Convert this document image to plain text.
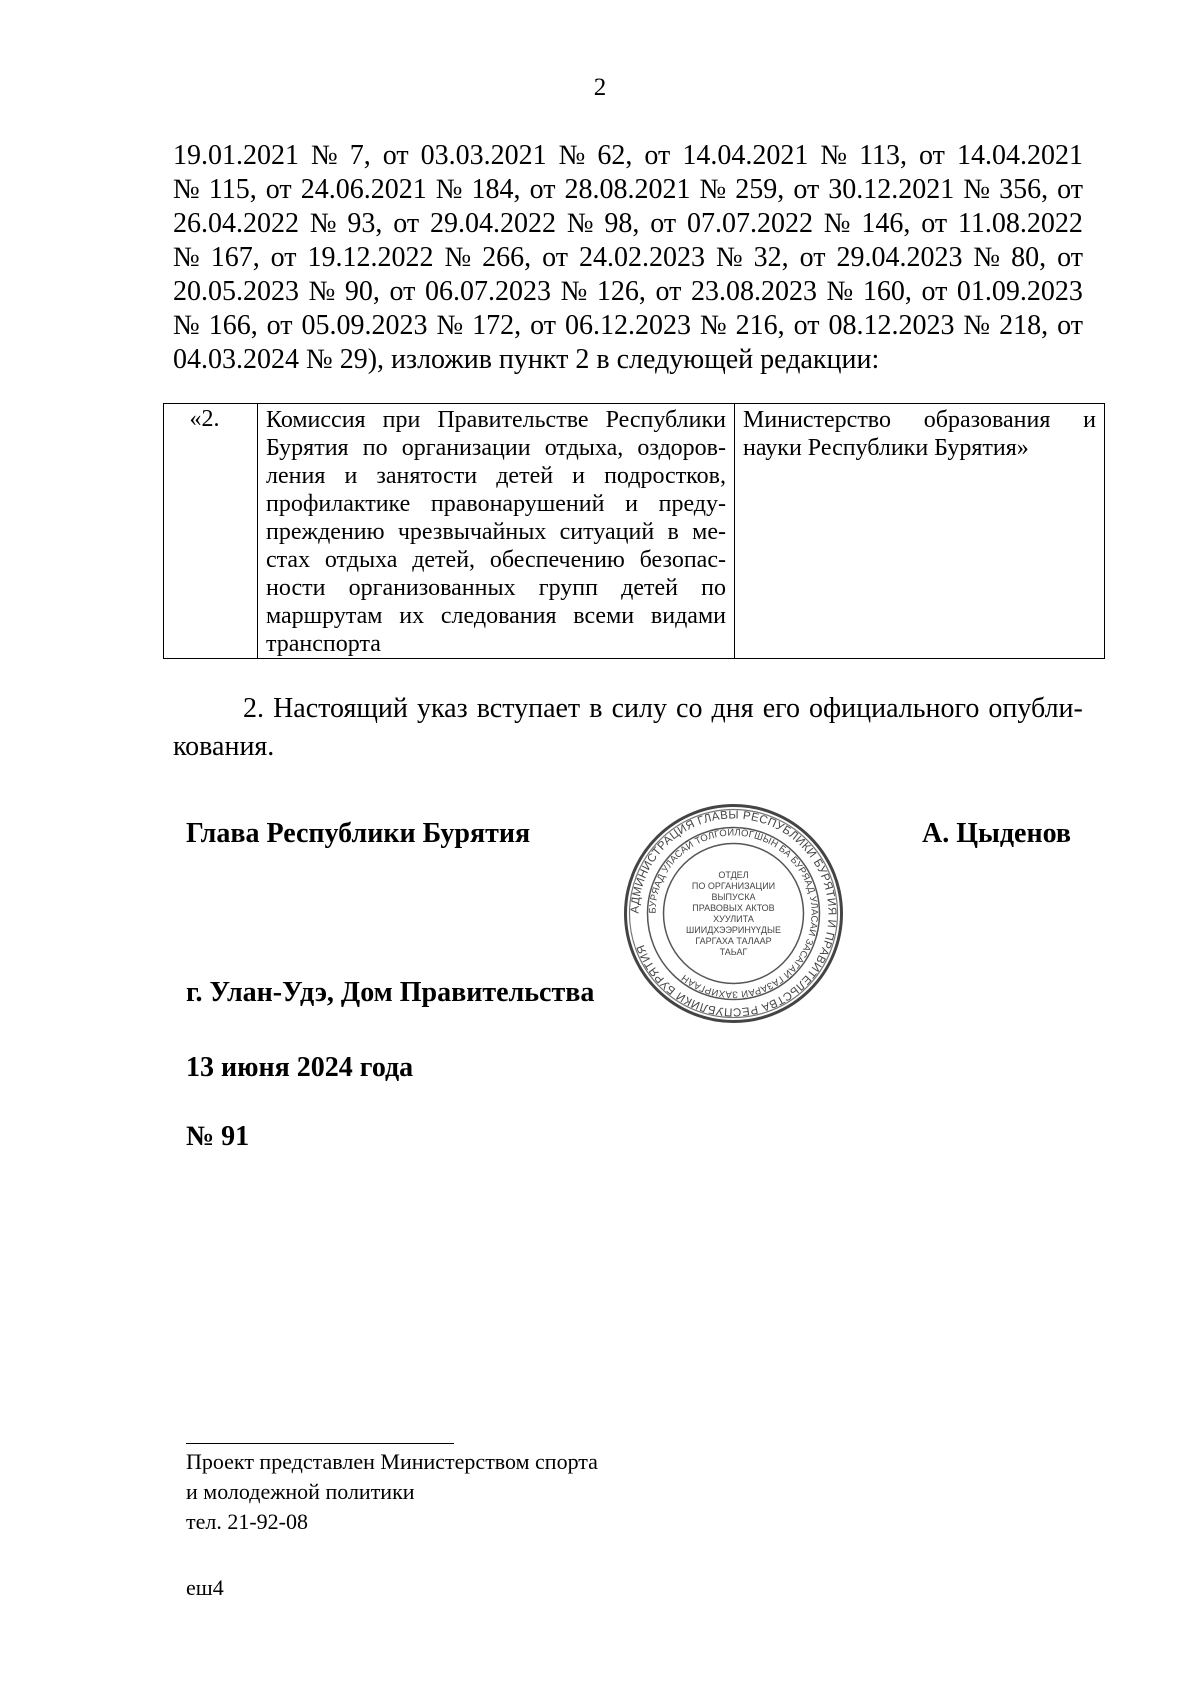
2
19.01.2021 № 7, от 03.03.2021 № 62, от 14.04.2021 № 113, от 14.04.2021
№ 115, от 24.06.2021 № 184, от 28.08.2021 № 259, от 30.12.2021 № 356, от
26.04.2022 № 93, от 29.04.2022 № 98, от 07.07.2022 № 146, от 11.08.2022
№ 167, от 19.12.2022 № 266, от 24.02.2023 № 32, от 29.04.2023 № 80, от
20.05.2023 № 90, от 06.07.2023 № 126, от 23.08.2023 № 160, от 01.09.2023
№ 166, от 05.09.2023 № 172, от 06.12.2023 № 216, от 08.12.2023 № 218, от
04.03.2024 № 29), изложив пункт 2 в следующей редакции:
«2.	Комиссия при Правительстве Республики
Бурятия по организации отдыха, оздоров-
ления и занятости детей и подростков,
профилактике правонарушений и преду-
преждению чрезвычайных ситуаций в ме-
стах отдыха детей, обеспечению безопас-
ности организованных групп детей по
маршрутам их следования всеми видами
транспорта

Министерство образования и
науки Республики Бурятия»
2. Настоящий указ вступает в силу со дня его официального опубли-
кования.
Глава Республики Бурятия	А. Цыденов
г. Улан-Удэ, Дом Правительства
13 июня 2024 года
№ 91
АДМИНИСТРАЦИЯ ГЛАВЫ РЕСПУБЛИКИ БУРЯТИЯ И ПРАВИТЕЛЬСТВА РЕСПУБЛИКИ БУРЯТИЯ
БУРЯАД УЛАСАЙ ТОЛГОЙЛОГШЫН БА БУРЯАД УЛАСАЙ ЗАСАГАЙ ГАЗАРАЙ ЗАХИРГААН
ОТДЕЛ
ПО ОРГАНИЗАЦИИ
ВЫПУСКА
ПРАВОВЫХ АКТОВ
ХУУЛИТА
ШИИДХЭЭРИНҮҮДЫЕ
ГАРГАХА ТАЛААР
ТАЬАГ
Проект представлен Министерством спорта
и молодежной политики
тел. 21-92-08
еш4
